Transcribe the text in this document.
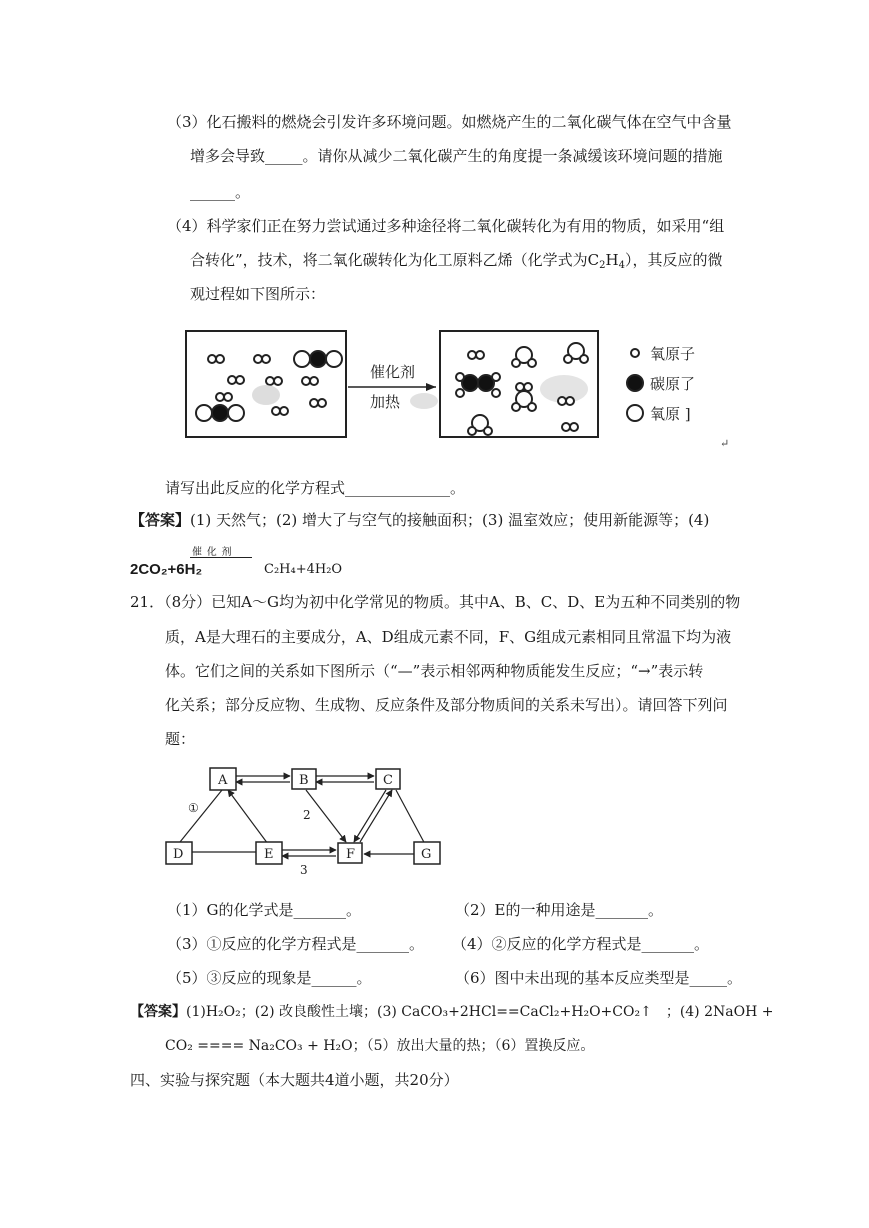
（3）化石搬料的燃烧会引发许多环境问题。如燃烧产生的二氧化碳气体在空气中含量
增多会导致_____。请你从减少二氧化碳产生的角度提一条减缓该环境问题的措施
______。
（4）科学家们正在努力尝试通过多种途径将二氧化碳转化为有用的物质，如采用“组
合转化”，技术，将二氧化碳转化为化工原料乙烯（化学式为$C_2H_4$），其反应的微
观过程如下图所示：
催化剂
加热
氧原子
碳原了
氧原 ]
↵
请写出此反应的化学方程式______________。
【答案】(1) 天然气；(2) 增大了与空气的接触面积；(3) 温室效应；使用新能源等；(4)
2CO₂+6H₂
催 化 剂
C₂H₄+4H₂O
21．（8分）已知A～G均为初中化学常见的物质。其中A、B、C、D、E为五种不同类别的物
质，A是大理石的主要成分，A、D组成元素不同，F、G组成元素相同且常温下均为液
体。它们之间的关系如下图所示（“—”表示相邻两种物质能发生反应；“→”表示转
化关系；部分反应物、生成物、反应条件及部分物质间的关系未写出）。请回答下列问
题：
A	B	C
D	E	F	G
①	2
3
（1）G的化学式是_______。	（2）E的一种用途是_______。
（3）①反应的化学方程式是_______。 （4）②反应的化学方程式是_______。
（5）③反应的现象是______。	（6）图中未出现的基本反应类型是_____。
【答案】(1)H₂O₂；(2) 改良酸性土壤；(3) CaCO₃+2HCl==CaCl₂+H₂O+CO₂↑　；(4) 2NaOH +
CO₂ ==== Na₂CO₃ + H₂O；（5）放出大量的热；（6）置换反应。
四、实验与探究题（本大题共4道小题，共20分）
